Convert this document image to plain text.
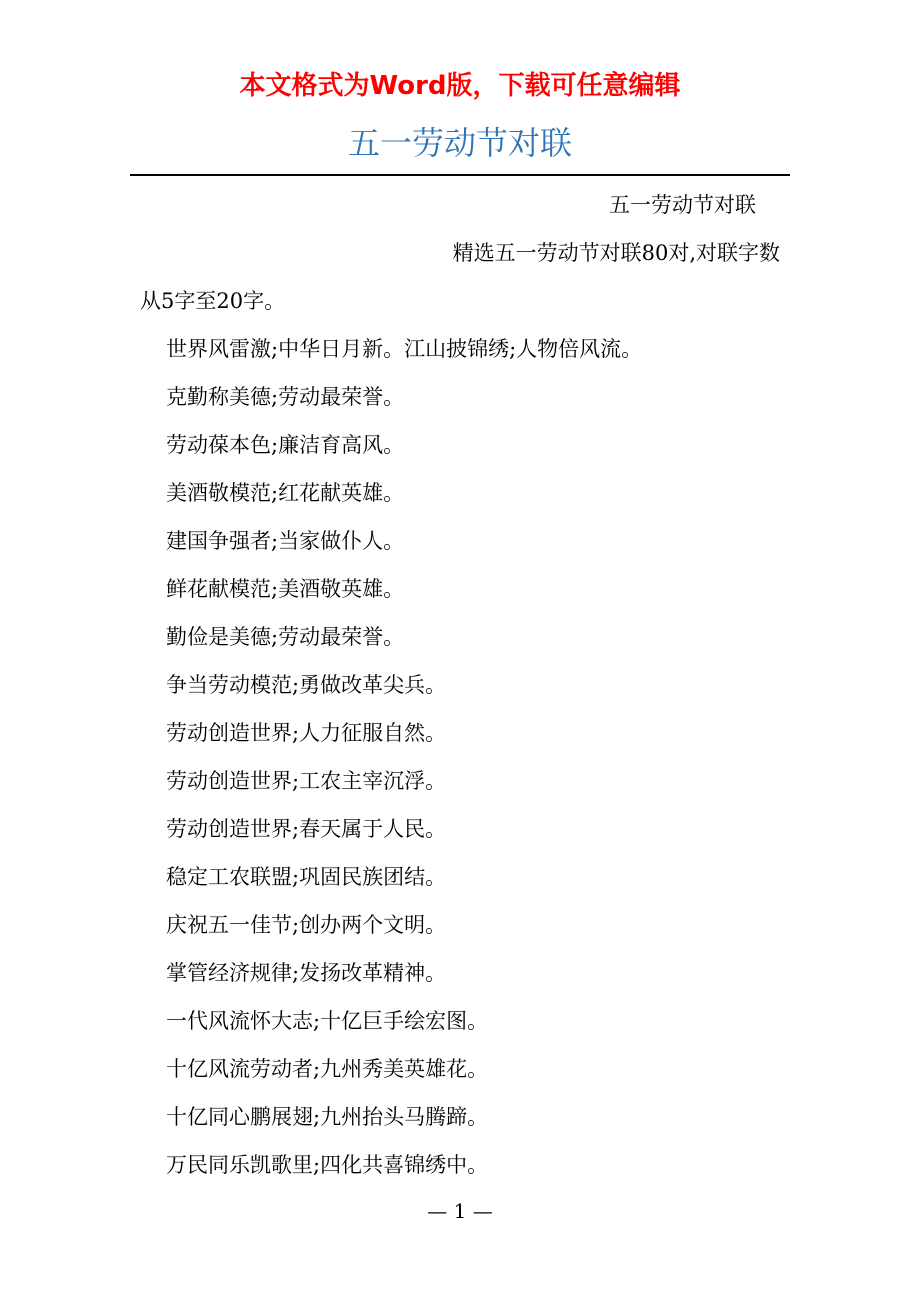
本文格式为Word版，下载可任意编辑
五一劳动节对联
五一劳动节对联
精选五一劳动节对联80对,对联字数
从5字至20字。
世界风雷激;中华日月新。江山披锦绣;人物倍风流。
克勤称美德;劳动最荣誉。
劳动葆本色;廉洁育高风。
美酒敬模范;红花献英雄。
建国争强者;当家做仆人。
鲜花献模范;美酒敬英雄。
勤俭是美德;劳动最荣誉。
争当劳动模范;勇做改革尖兵。
劳动创造世界;人力征服自然。
劳动创造世界;工农主宰沉浮。
劳动创造世界;春天属于人民。
稳定工农联盟;巩固民族团结。
庆祝五一佳节;创办两个文明。
掌管经济规律;发扬改革精神。
一代风流怀大志;十亿巨手绘宏图。
十亿风流劳动者;九州秀美英雄花。
十亿同心鹏展翅;九州抬头马腾蹄。
万民同乐凯歌里;四化共喜锦绣中。
— 1 —
